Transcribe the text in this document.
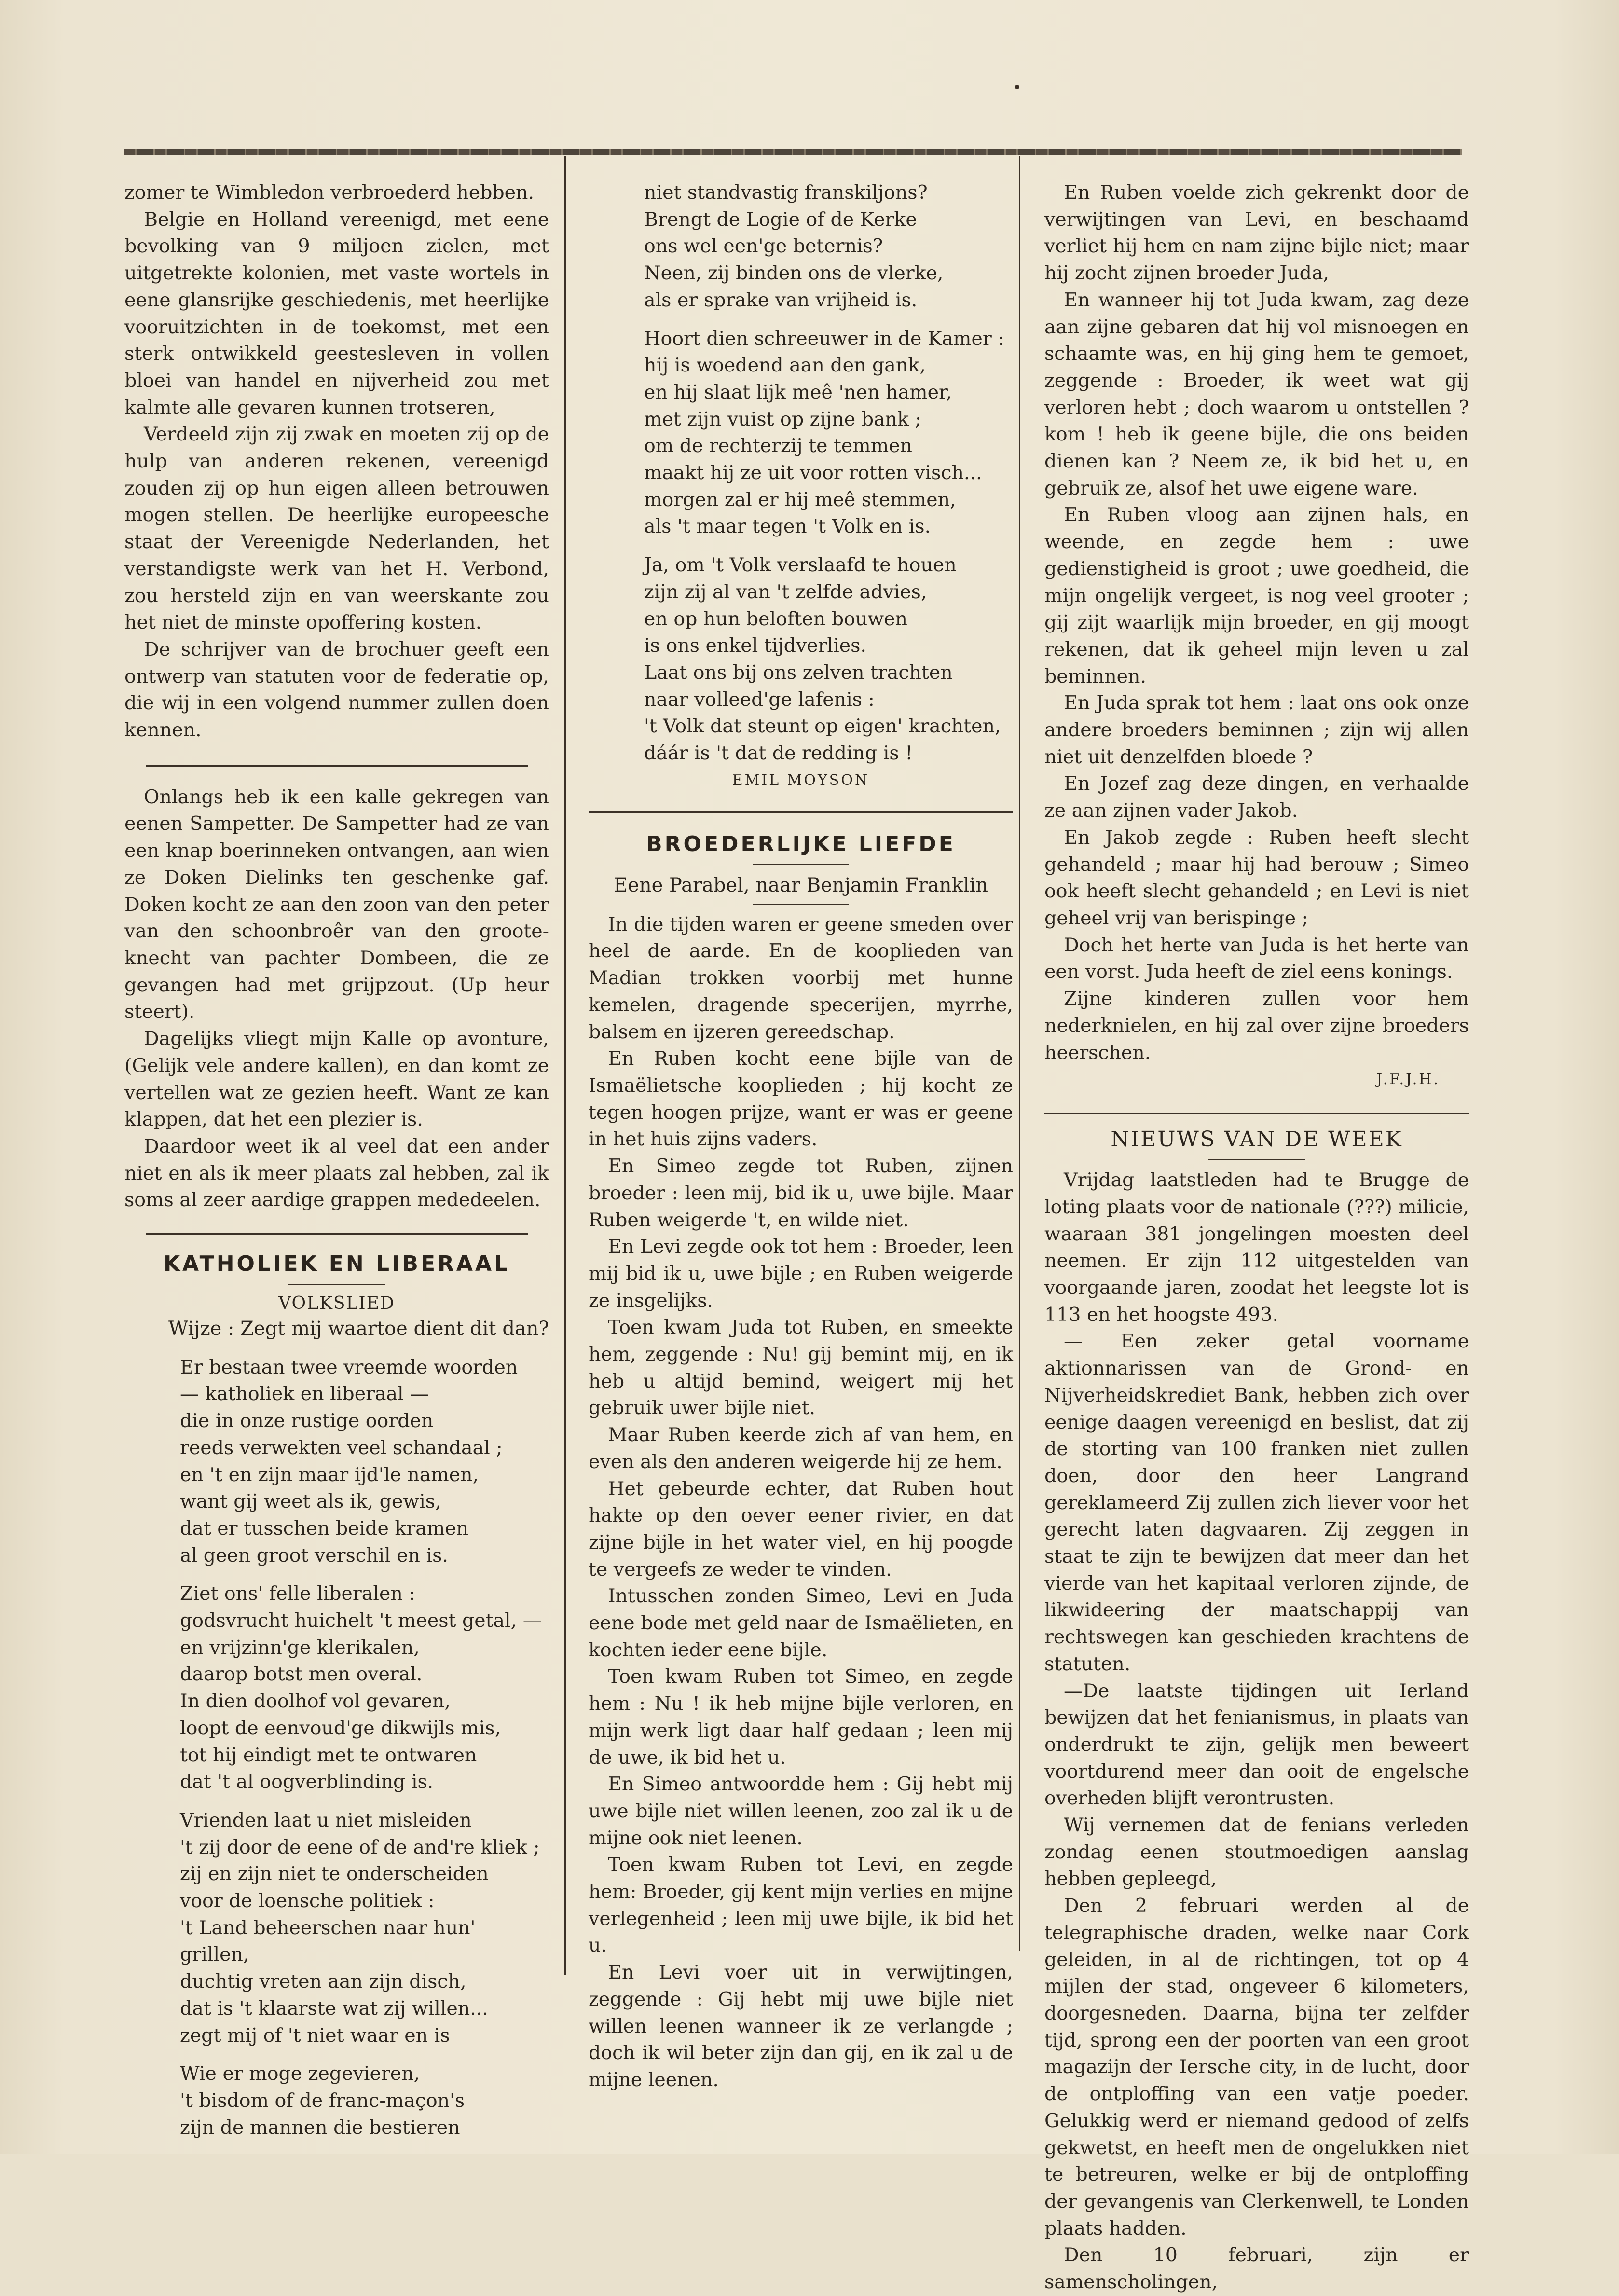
zomer te Wimbledon verbroederd hebben.

Belgie en Holland vereenigd, met eene bevolking van 9 miljoen zielen, met uitgetrekte kolonien, met vaste wortels in eene glansrijke geschiedenis, met heerlijke vooruitzichten in de toekomst, met een sterk ontwikkeld geestesleven in vollen bloei van handel en nijverheid zou met kalmte alle gevaren kunnen trotseren,

Verdeeld zijn zij zwak en moeten zij op de hulp van anderen rekenen, vereenigd zouden zij op hun eigen alleen betrouwen mogen stellen. De heerlijke europeesche staat der Vereenigde Nederlanden, het verstandigste werk van het H. Verbond, zou hersteld zijn en van weerskante zou het niet de minste opoffering kosten.

De schrijver van de brochuer geeft een ontwerp van statuten voor de federatie op, die wij in een volgend nummer zullen doen kennen.

Onlangs heb ik een kalle gekregen van eenen Sampetter. De Sampetter had ze van een knap boerinneken ontvangen, aan wien ze Doken Dielinks ten geschenke gaf. Doken kocht ze aan den zoon van den peter van den schoonbroêr van den groote-knecht van pachter Dombeen, die ze gevangen had met grijpzout. (Up heur steert).

Dagelijks vliegt mijn Kalle op avonture, (Gelijk vele andere kallen), en dan komt ze vertellen wat ze gezien heeft. Want ze kan klappen, dat het een plezier is.

Daardoor weet ik al veel dat een ander niet en als ik meer plaats zal hebben, zal ik soms al zeer aardige grappen mededeelen.

KATHOLIEK EN LIBERAAL
VOLKSLIED
Wijze : Zegt mij waartoe dient dit dan?

Er bestaan twee vreemde woorden

— katholiek en liberaal —

die in onze rustige oorden

reeds verwekten veel schandaal ;

en 't en zijn maar ijd'le namen,

want gij weet als ik, gewis,

dat er tusschen beide kramen

al geen groot verschil en is.

Ziet ons' felle liberalen :

godsvrucht huichelt 't meest getal, —

en vrijzinn'ge klerikalen,

daarop botst men overal.

In dien doolhof vol gevaren,

loopt de eenvoud'ge dikwijls mis,

tot hij eindigt met te ontwaren

dat 't al oogverblinding is.

Vrienden laat u niet misleiden

't zij door de eene of de and're kliek ;

zij en zijn niet te onderscheiden

voor de loensche politiek :

't Land beheerschen naar hun' grillen,

duchtig vreten aan zijn disch,

dat is 't klaarste wat zij willen...

zegt mij of 't niet waar en is

Wie er moge zegevieren,

't bisdom of de franc-maçon's

zijn de mannen die bestieren

niet standvastig franskiljons?

Brengt de Logie of de Kerke

ons wel een'ge beternis?

Neen, zij binden ons de vlerke,

als er sprake van vrijheid is.

Hoort dien schreeuwer in de Kamer :

hij is woedend aan den gank,

en hij slaat lijk meê 'nen hamer,

met zijn vuist op zijne bank ;

om de rechterzij te temmen

maakt hij ze uit voor rotten visch...

morgen zal er hij meê stemmen,

als 't maar tegen 't Volk en is.

Ja, om 't Volk verslaafd te houen

zijn zij al van 't zelfde advies,

en op hun beloften bouwen

is ons enkel tijdverlies.

Laat ons bij ons zelven trachten

naar volleed'ge lafenis :

't Volk dat steunt op eigen' krachten,

dáár is 't dat de redding is !

EMIL MOYSON
BROEDERLIJKE LIEFDE
Eene Parabel, naar Benjamin Franklin

In die tijden waren er geene smeden over heel de aarde. En de kooplieden van Madian trokken voorbij met hunne kemelen, dragende specerijen, myrrhe, balsem en ijzeren gereedschap.

En Ruben kocht eene bijle van de Ismaëlietsche kooplieden ; hij kocht ze tegen hoogen prijze, want er was er geene in het huis zijns vaders.

En Simeo zegde tot Ruben, zijnen broeder : leen mij, bid ik u, uwe bijle. Maar Ruben weigerde 't, en wilde niet.

En Levi zegde ook tot hem : Broeder, leen mij bid ik u, uwe bijle ; en Ruben weigerde ze insgelijks.

Toen kwam Juda tot Ruben, en smeekte hem, zeggende : Nu! gij bemint mij, en ik heb u altijd bemind, weigert mij het gebruik uwer bijle niet.

Maar Ruben keerde zich af van hem, en even als den anderen weigerde hij ze hem.

Het gebeurde echter, dat Ruben hout hakte op den oever eener rivier, en dat zijne bijle in het water viel, en hij poogde te vergeefs ze weder te vinden.

Intusschen zonden Simeo, Levi en Juda eene bode met geld naar de Ismaëlieten, en kochten ieder eene bijle.

Toen kwam Ruben tot Simeo, en zegde hem : Nu ! ik heb mijne bijle verloren, en mijn werk ligt daar half gedaan ; leen mij de uwe, ik bid het u.

En Simeo antwoordde hem : Gij hebt mij uwe bijle niet willen leenen, zoo zal ik u de mijne ook niet leenen.

Toen kwam Ruben tot Levi, en zegde hem: Broeder, gij kent mijn verlies en mijne verlegenheid ; leen mij uwe bijle, ik bid het u.

En Levi voer uit in verwijtingen, zeggende : Gij hebt mij uwe bijle niet willen leenen wanneer ik ze verlangde ; doch ik wil beter zijn dan gij, en ik zal u de mijne leenen.

En Ruben voelde zich gekrenkt door de verwijtingen van Levi, en beschaamd verliet hij hem en nam zijne bijle niet; maar hij zocht zijnen broeder Juda,

En wanneer hij tot Juda kwam, zag deze aan zijne gebaren dat hij vol misnoegen en schaamte was, en hij ging hem te gemoet, zeggende : Broeder, ik weet wat gij verloren hebt ; doch waarom u ontstellen ? kom ! heb ik geene bijle, die ons beiden dienen kan ? Neem ze, ik bid het u, en gebruik ze, alsof het uwe eigene ware.

En Ruben vloog aan zijnen hals, en weende, en zegde hem : uwe gedienstigheid is groot ; uwe goedheid, die mijn ongelijk vergeet, is nog veel grooter ; gij zijt waarlijk mijn broeder, en gij moogt rekenen, dat ik geheel mijn leven u zal beminnen.

En Juda sprak tot hem : laat ons ook onze andere broeders beminnen ; zijn wij allen niet uit denzelfden bloede ?

En Jozef zag deze dingen, en verhaalde ze aan zijnen vader Jakob.

En Jakob zegde : Ruben heeft slecht gehandeld ; maar hij had berouw ; Simeo ook heeft slecht gehandeld ; en Levi is niet geheel vrij van berispinge ;

Doch het herte van Juda is het herte van een vorst. Juda heeft de ziel eens konings.

Zijne kinderen zullen voor hem nederknielen, en hij zal over zijne broeders heerschen.

J.F.J.H.
NIEUWS VAN DE WEEK

Vrijdag laatstleden had te Brugge de loting plaats voor de nationale (???) milicie, waaraan 381 jongelingen moesten deel neemen. Er zijn 112 uitgestelden van voorgaande jaren, zoodat het leegste lot is 113 en het hoogste 493.

— Een zeker getal voorname aktionnarissen van de Grond- en Nijverheidskrediet Bank, hebben zich over eenige daagen vereenigd en beslist, dat zij de storting van 100 franken niet zullen doen, door den heer Langrand gereklameerd Zij zullen zich liever voor het gerecht laten dagvaaren. Zij zeggen in staat te zijn te bewijzen dat meer dan het vierde van het kapitaal verloren zijnde, de likwideering der maatschappij van rechtswegen kan geschieden krachtens de statuten.

—De laatste tijdingen uit Ierland bewijzen dat het fenianismus, in plaats van onderdrukt te zijn, gelijk men beweert voortdurend meer dan ooit de engelsche overheden blijft verontrusten.

Wij vernemen dat de fenians verleden zondag eenen stoutmoedigen aanslag hebben gepleegd,

Den 2 februari werden al de telegraphische draden, welke naar Cork geleiden, in al de richtingen, tot op 4 mijlen der stad, ongeveer 6 kilometers, doorgesneden. Daarna, bijna ter zelfder tijd, sprong een der poorten van een groot magazijn der Iersche city, in de lucht, door de ontploffing van een vatje poeder. Gelukkig werd er niemand gedood of zelfs gekwetst, en heeft men de ongelukken niet te betreuren, welke er bij de ontploffing der gevangenis van Clerkenwell, te Londen plaats hadden.

Den 10 februari, zijn er samenscholingen,
